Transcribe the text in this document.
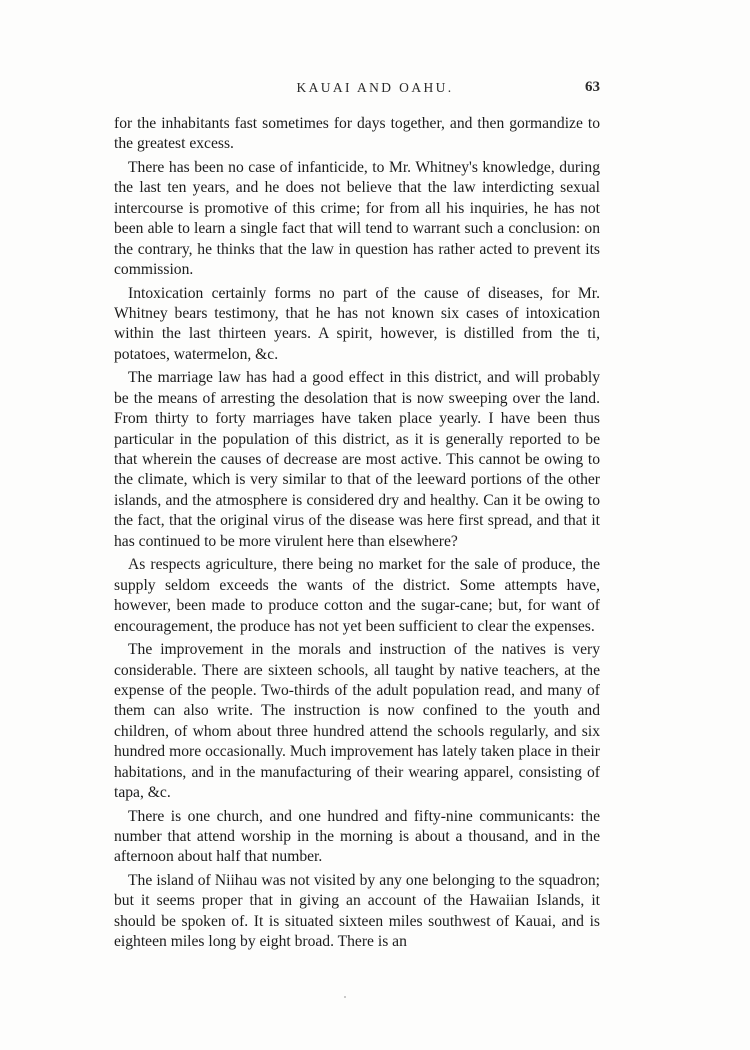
KAUAI AND OAHU.	63

for the inhabitants fast sometimes for days together, and then gormandize to the greatest excess.

There has been no case of infanticide, to Mr. Whitney's knowledge, during the last ten years, and he does not believe that the law interdicting sexual intercourse is promotive of this crime; for from all his inquiries, he has not been able to learn a single fact that will tend to warrant such a conclusion: on the contrary, he thinks that the law in question has rather acted to prevent its commission.

Intoxication certainly forms no part of the cause of diseases, for Mr. Whitney bears testimony, that he has not known six cases of intoxication within the last thirteen years. A spirit, however, is distilled from the ti, potatoes, watermelon, &c.

The marriage law has had a good effect in this district, and will probably be the means of arresting the desolation that is now sweeping over the land. From thirty to forty marriages have taken place yearly. I have been thus particular in the population of this district, as it is generally reported to be that wherein the causes of decrease are most active. This cannot be owing to the climate, which is very similar to that of the leeward portions of the other islands, and the atmosphere is considered dry and healthy. Can it be owing to the fact, that the original virus of the disease was here first spread, and that it has continued to be more virulent here than elsewhere?

As respects agriculture, there being no market for the sale of produce, the supply seldom exceeds the wants of the district. Some attempts have, however, been made to produce cotton and the sugar-cane; but, for want of encouragement, the produce has not yet been sufficient to clear the expenses.

The improvement in the morals and instruction of the natives is very considerable. There are sixteen schools, all taught by native teachers, at the expense of the people. Two-thirds of the adult population read, and many of them can also write. The instruction is now confined to the youth and children, of whom about three hundred attend the schools regularly, and six hundred more occasionally. Much improvement has lately taken place in their habitations, and in the manufacturing of their wearing apparel, consisting of tapa, &c.

There is one church, and one hundred and fifty-nine communicants: the number that attend worship in the morning is about a thousand, and in the afternoon about half that number.

The island of Niihau was not visited by any one belonging to the squadron; but it seems proper that in giving an account of the Hawaiian Islands, it should be spoken of. It is situated sixteen miles southwest of Kauai, and is eighteen miles long by eight broad. There is an
